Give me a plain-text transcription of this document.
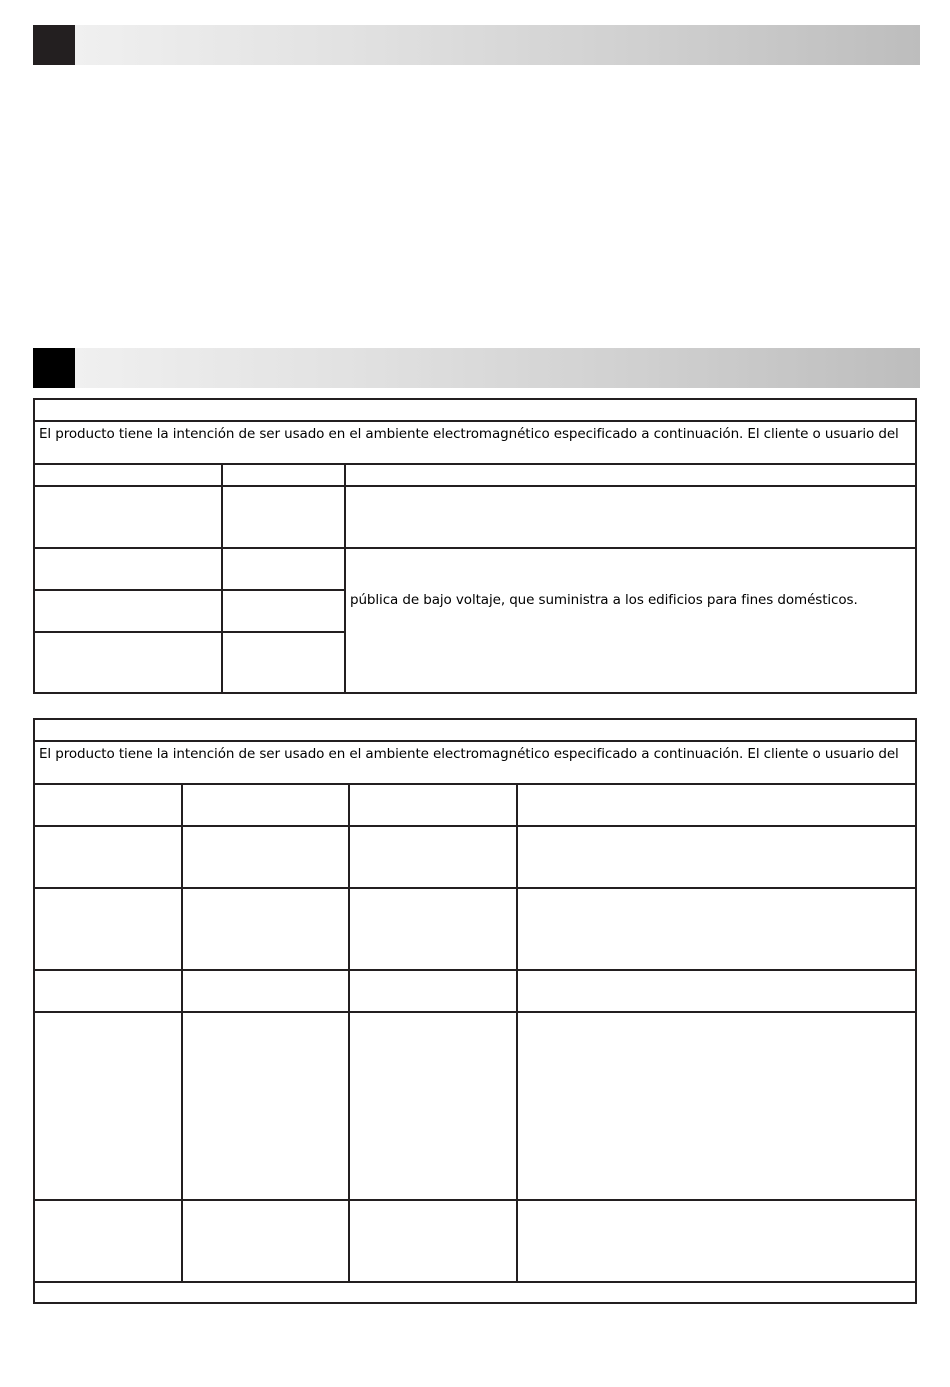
El producto tiene la intención de ser usado en el ambiente electromagnético especificado a continuación. El cliente o usuario del
pública de bajo voltaje, que suministra a los edificios para fines domésticos.
El producto tiene la intención de ser usado en el ambiente electromagnético especificado a continuación. El cliente o usuario del
